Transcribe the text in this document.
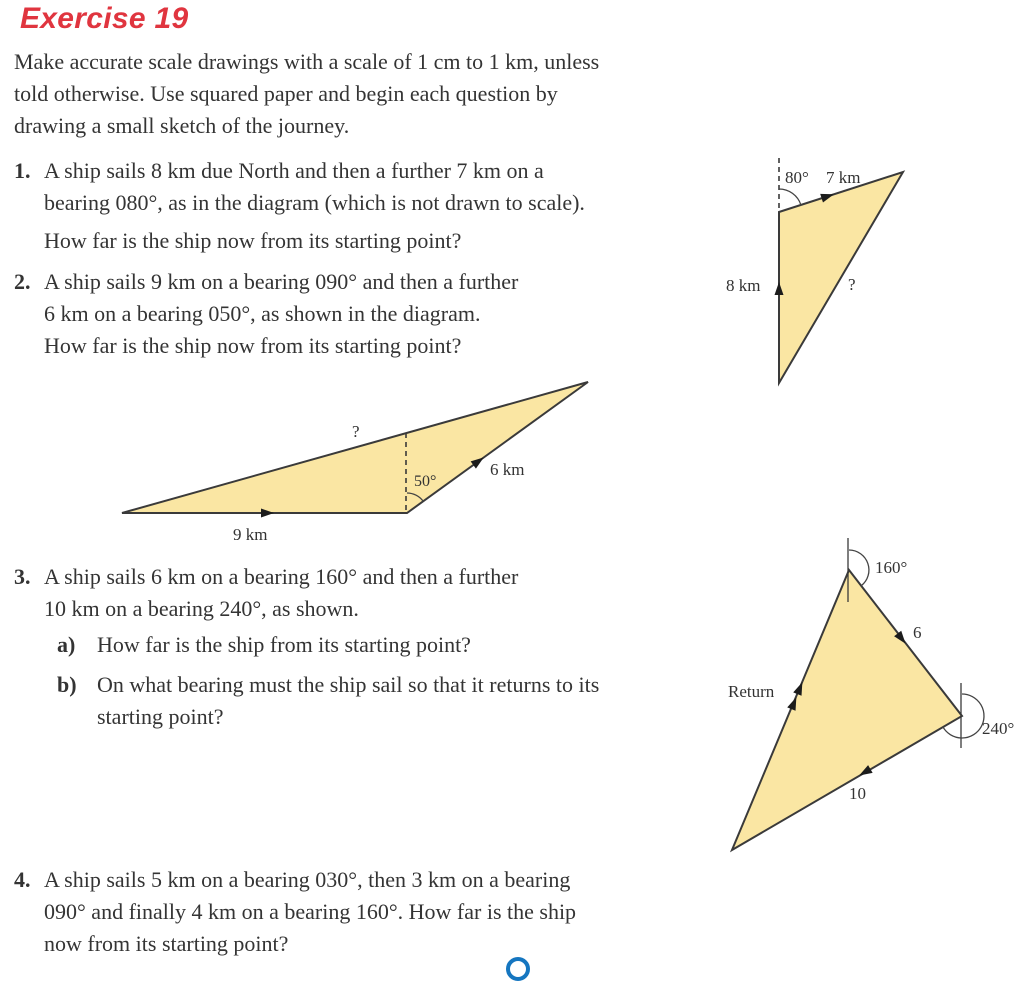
Exercise 19
Make accurate scale drawings with a scale of 1 cm to 1 km, unless
told otherwise. Use squared paper and begin each question by
drawing a small sketch of the journey.
1. A ship sails 8 km due North and then a further 7 km on a
bearing 080°, as in the diagram (which is not drawn to scale).
How far is the ship now from its starting point?
2. A ship sails 9 km on a bearing 090° and then a further
6 km on a bearing 050°, as shown in the diagram.
How far is the ship now from its starting point?
3. A ship sails 6 km on a bearing 160° and then a further
10 km on a bearing 240°, as shown.
a) How far is the ship from its starting point?
b) On what bearing must the ship sail so that it returns to its
starting point?
4. A ship sails 5 km on a bearing 030°, then 3 km on a bearing
090° and finally 4 km on a bearing 160°. How far is the ship
now from its starting point?
80° 7 km
8 km	?
?
50°
6 km
9 km
160°
240°
6
10
Return
